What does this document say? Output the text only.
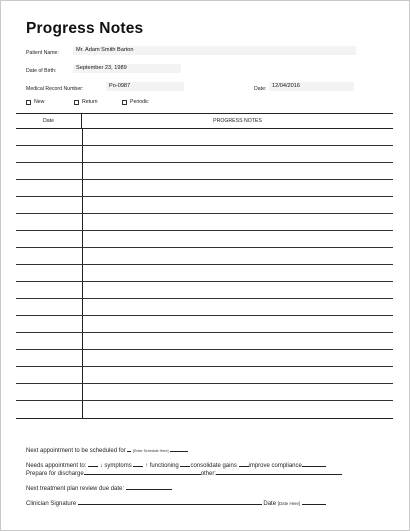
Progress Notes
Patient Name:	Mr. Adam Smith Barton
Date of Birth:	September 23, 1989
Medical Record Number:	Po-0987	Date: 12/04/2016
New	Return	Periodic
Date	PROGRESS NOTES
Next appointment to be scheduled for [Enter Schedule Here]
Needs appointment to: ↓ symptoms ↑ functioning consolidate gains improve compliance
Prepare for discharge	other:
Next treatment plan review due date:
Clinician Signature	Date [Date Here]
